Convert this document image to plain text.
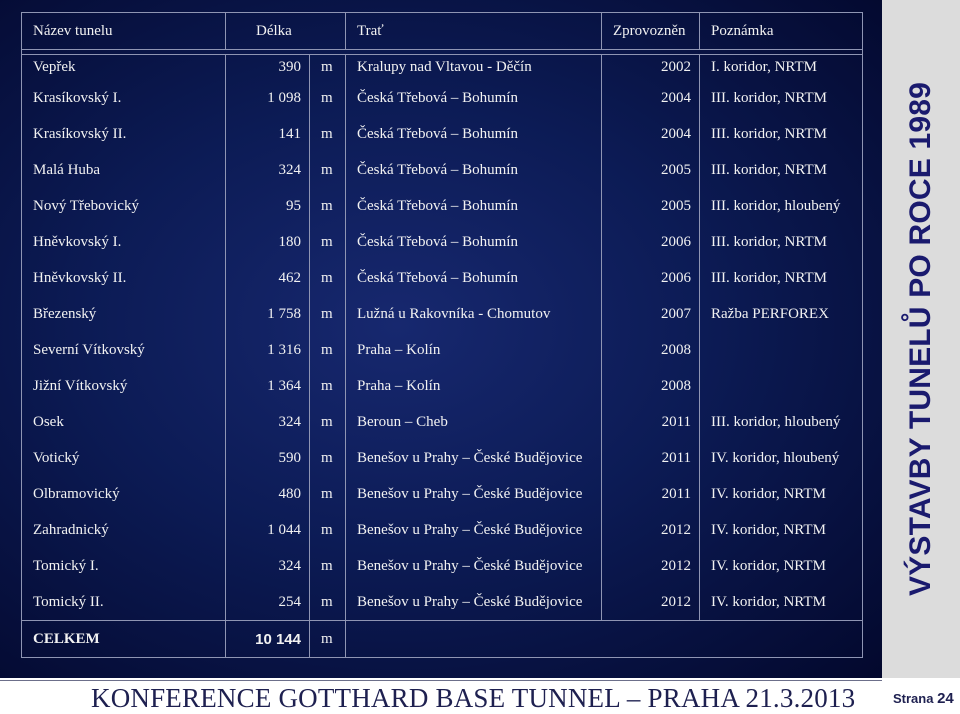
Název tunelu	Délka		Trať	Zprovozněn	Poznámka

Vepřek	390	m	Kralupy nad Vltavou - Děčín	2002	I. koridor, NRTM
Krasíkovský I.	1 098	m	Česká Třebová – Bohumín	2004	III. koridor, NRTM
Krasíkovský II.	141	m	Česká Třebová – Bohumín	2004	III. koridor, NRTM
Malá Huba	324	m	Česká Třebová – Bohumín	2005	III. koridor, NRTM
Nový Třebovický	95	m	Česká Třebová – Bohumín	2005	III. koridor, hloubený
Hněvkovský I.	180	m	Česká Třebová – Bohumín	2006	III. koridor, NRTM
Hněvkovský II.	462	m	Česká Třebová – Bohumín	2006	III. koridor, NRTM
Březenský	1 758	m	Lužná u Rakovníka - Chomutov	2007	Ražba PERFOREX
Severní Vítkovský	1 316	m	Praha – Kolín	2008	
Jižní Vítkovský	1 364	m	Praha – Kolín	2008	
Osek	324	m	Beroun – Cheb	2011	III. koridor, hloubený
Votický	590	m	Benešov u Prahy – České Budějovice	2011	IV. koridor, hloubený
Olbramovický	480	m	Benešov u Prahy – České Budějovice	2011	IV. koridor, NRTM
Zahradnický	1 044	m	Benešov u Prahy – České Budějovice	2012	IV. koridor, NRTM
Tomický I.	324	m	Benešov u Prahy – České Budějovice	2012	IV. koridor, NRTM
Tomický II.	254	m	Benešov u Prahy – České Budějovice	2012	IV. koridor, NRTM
CELKEM	10 144	m			
VÝSTAVBY TUNELŮ PO ROCE 1989
KONFERENCE GOTTHARD BASE TUNNEL – PRAHA 21.3.2013	Strana 24
